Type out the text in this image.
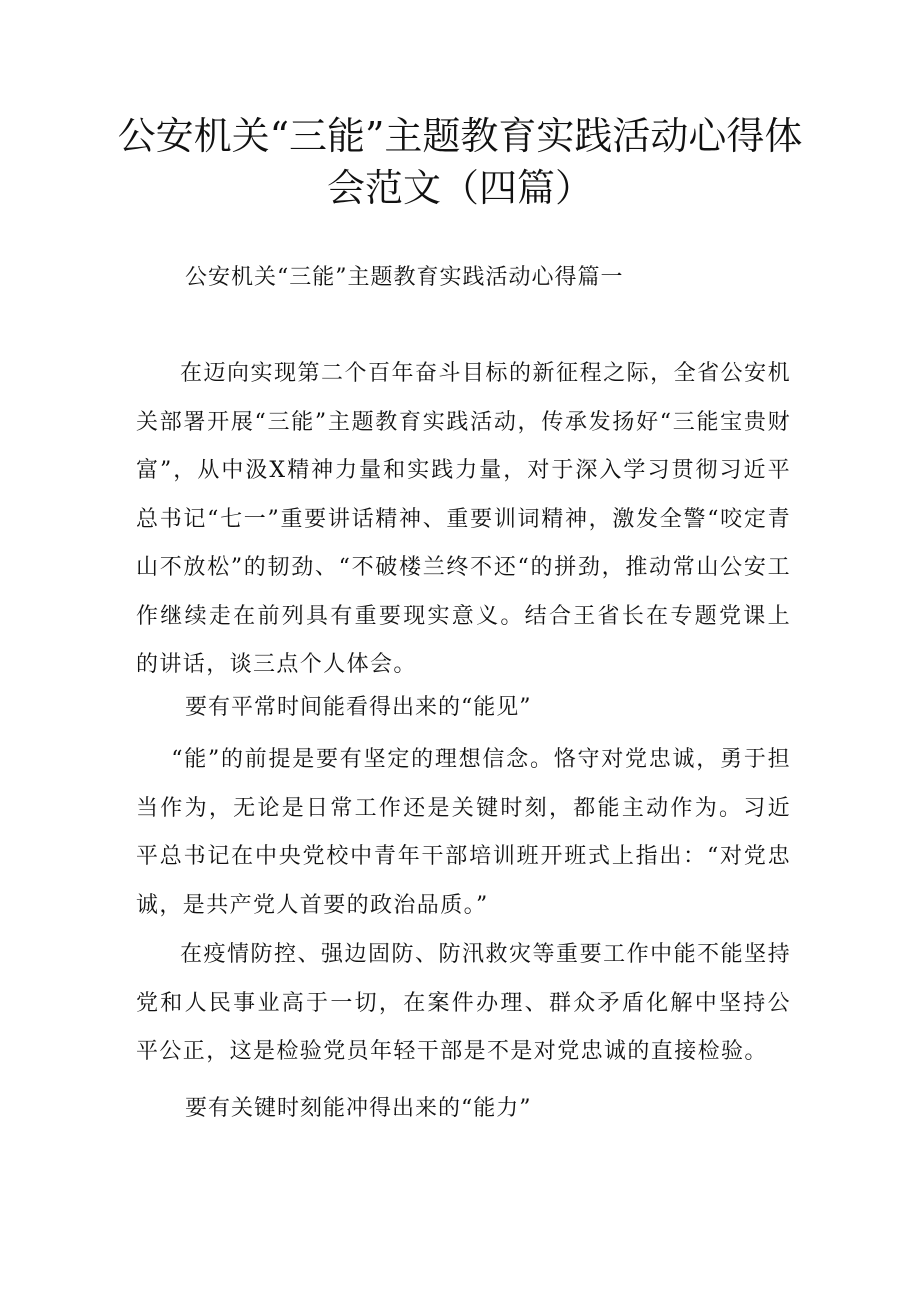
公安机关“三能”主题教育实践活动心得体会范文（四篇）

公安机关“三能”主题教育实践活动心得篇一

在迈向实现第二个百年奋斗目标的新征程之际，全省公安机关部署开展“三能”主题教育实践活动，传承发扬好“三能宝贵财富”，从中汲X精神力量和实践力量，对于深入学习贯彻习近平总书记“七一”重要讲话精神、重要训词精神，激发全警“咬定青山不放松”的韧劲、“不破楼兰终不还“的拼劲，推动常山公安工作继续走在前列具有重要现实意义。结合王省长在专题党课上的讲话，谈三点个人体会。

要有平常时间能看得出来的“能见”

“能”的前提是要有坚定的理想信念。恪守对党忠诚，勇于担当作为，无论是日常工作还是关键时刻，都能主动作为。习近平总书记在中央党校中青年干部培训班开班式上指出：“对党忠诚，是共产党人首要的政治品质。”

在疫情防控、强边固防、防汛救灾等重要工作中能不能坚持党和人民事业高于一切，在案件办理、群众矛盾化解中坚持公平公正，这是检验党员年轻干部是不是对党忠诚的直接检验。

要有关键时刻能冲得出来的“能力”
